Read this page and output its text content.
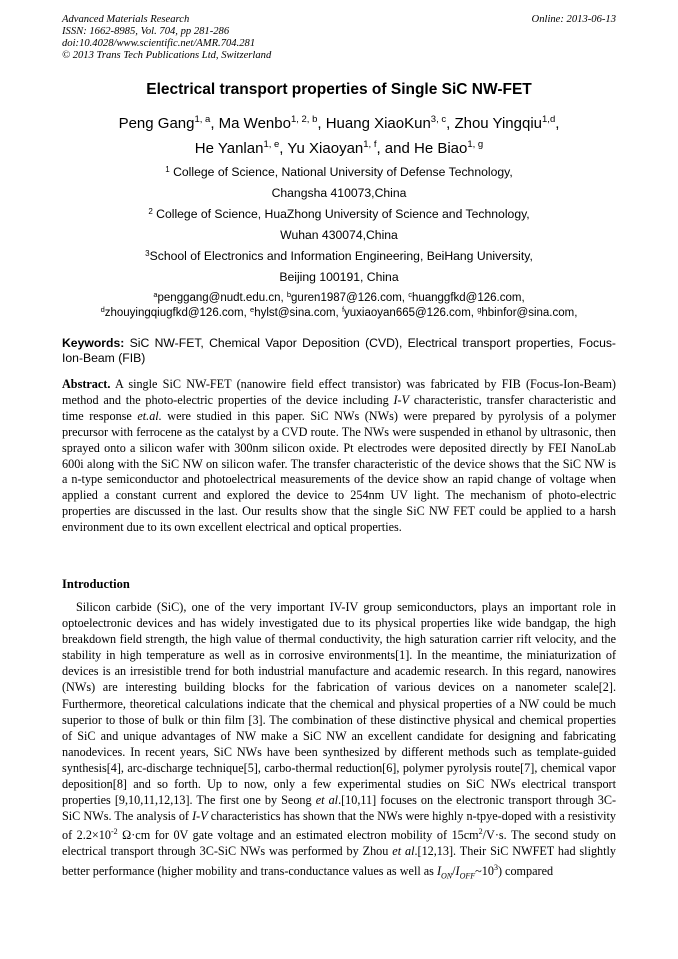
Advanced Materials Research
ISSN: 1662-8985, Vol. 704, pp 281-286
doi:10.4028/www.scientific.net/AMR.704.281
© 2013 Trans Tech Publications Ltd, Switzerland
Online: 2013-06-13
Electrical transport properties of Single SiC NW-FET
Peng Gang$^{1, a}$, Ma Wenbo$^{1, 2, b}$, Huang XiaoKun$^{3, c}$, Zhou Yingqiu$^{1,d}$,
He Yanlan$^{1, e}$, Yu Xiaoyan$^{1, f}$, and He Biao$^{1, g}$
$^1$ College of Science, National University of Defense Technology,
Changsha 410073,China
$^2$ College of Science, HuaZhong University of Science and Technology,
Wuhan 430074,China
$^3$School of Electronics and Information Engineering, BeiHang University,
Beijing 100191, China
$^a$penggang@nudt.edu.cn, $^b$guren1987@126.com, $^c$huanggfkd@126.com,
$^d$zhouyingqiugfkd@126.com, $^e$hylst@sina.com, $^f$yuxiaoyan665@126.com, $^g$hbinfor@sina.com,
Keywords: SiC NW-FET, Chemical Vapor Deposition (CVD), Electrical transport properties, Focus-Ion-Beam (FIB)
Abstract. A single SiC NW-FET (nanowire field effect transistor) was fabricated by FIB (Focus-Ion-Beam) method and the photo-electric properties of the device including I-V characteristic, transfer characteristic and time response et.al. were studied in this paper. SiC NWs (NWs) were prepared by pyrolysis of a polymer precursor with ferrocene as the catalyst by a CVD route. The NWs were suspended in ethanol by ultrasonic, then sprayed onto a silicon wafer with 300nm silicon oxide. Pt electrodes were deposited directly by FEI NanoLab 600i along with the SiC NW on silicon wafer. The transfer characteristic of the device shows that the SiC NW is a n-type semiconductor and photoelectrical measurements of the device show an rapid change of voltage when applied a constant current and explored the device to 254nm UV light. The mechanism of photo-electric properties are discussed in the last. Our results show that the single SiC NW FET could be applied to a harsh environment due to its own excellent electrical and optical properties.
Introduction
Silicon carbide (SiC), one of the very important IV-IV group semiconductors, plays an important role in optoelectronic devices and has widely investigated due to its physical properties like wide bandgap, the high breakdown field strength, the high value of thermal conductivity, the high saturation carrier rift velocity, and the stability in high temperature as well as in corrosive environments[1]. In the meantime, the miniaturization of devices is an irresistible trend for both industrial manufacture and academic research. In this regard, nanowires (NWs) are interesting building blocks for the fabrication of various devices on a nanometer scale[2]. Furthermore, theoretical calculations indicate that the chemical and physical properties of a NW could be much superior to those of bulk or thin film [3]. The combination of these distinctive physical and chemical properties of SiC and unique advantages of NW make a SiC NW an excellent candidate for designing and fabricating nanodevices. In recent years, SiC NWs have been synthesized by different methods such as template-guided synthesis[4], arc-discharge technique[5], carbo-thermal reduction[6], polymer pyrolysis route[7], chemical vapor deposition[8] and so forth. Up to now, only a few experimental studies on SiC NWs electrical transport properties [9,10,11,12,13]. The first one by Seong et al.[10,11] focuses on the electronic transport through 3C-SiC NWs. The analysis of I-V characteristics has shown that the NWs were highly n-tpye-doped with a resistivity of $2.2\times 10^{-2}$ Ω·cm for 0V gate voltage and an estimated electron mobility of $15cm^2/V\cdot s$. The second study on electrical transport through 3C-SiC NWs was performed by Zhou et al.[12,13]. Their SiC NWFET had slightly better performance (higher mobility and trans-conductance values as well as $I_{ON}/I_{OFF}\sim 10^3$) compared
